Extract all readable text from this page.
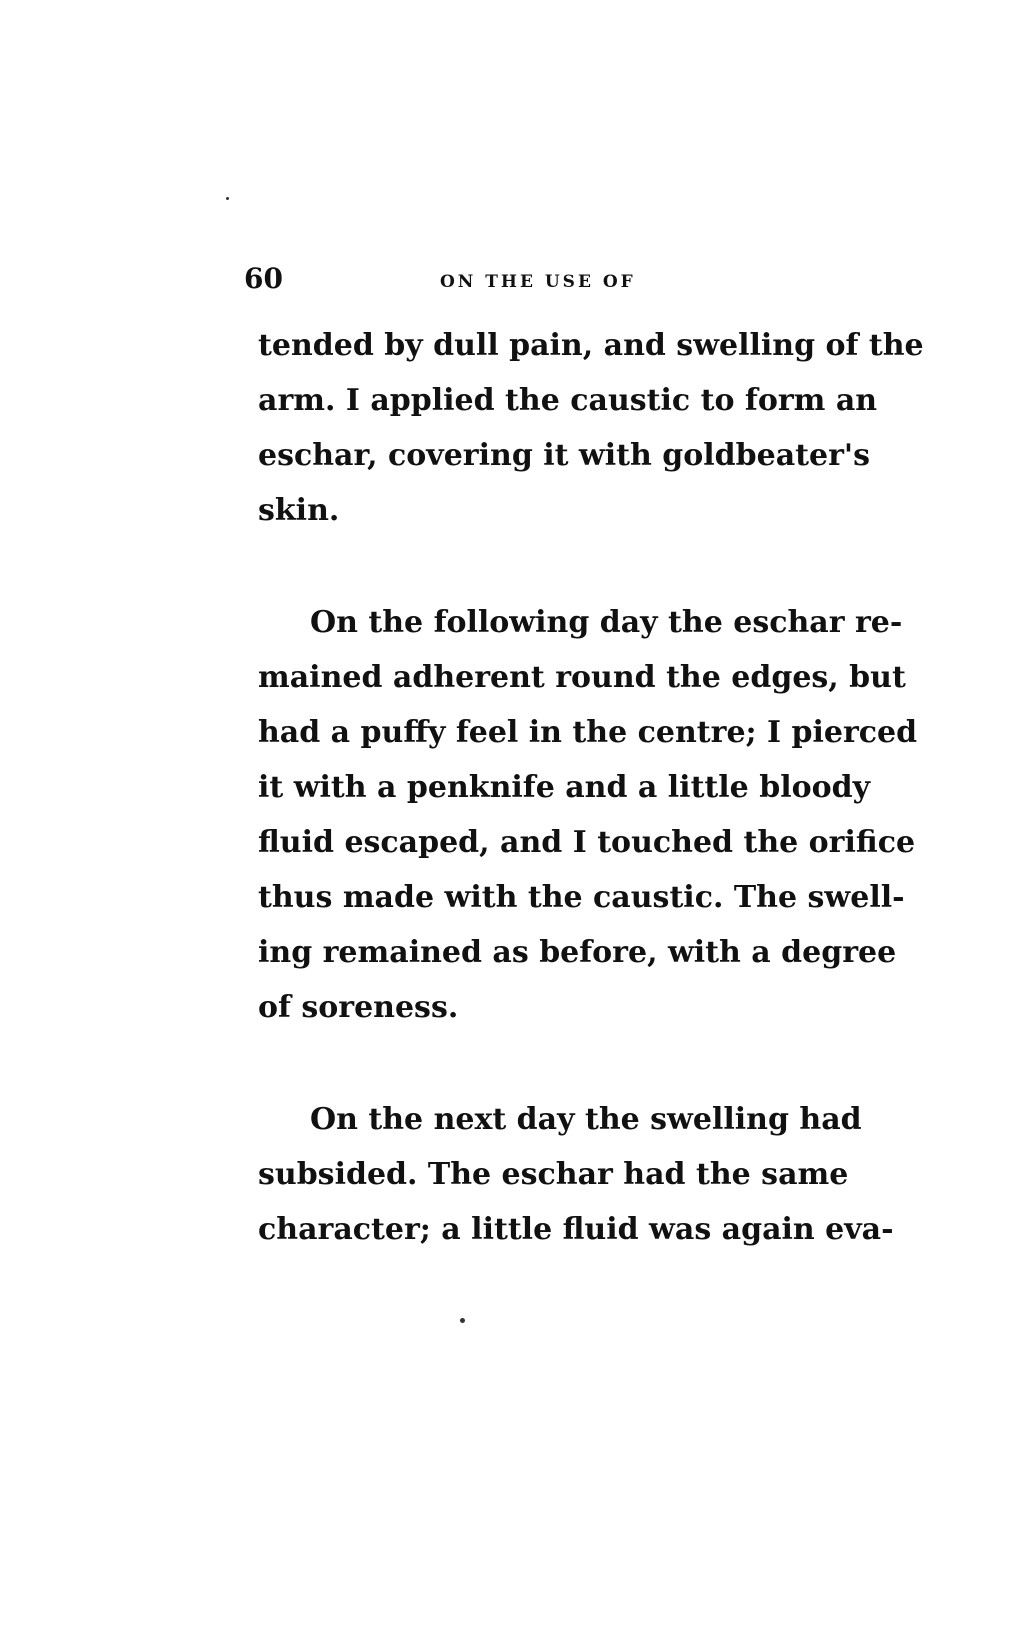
60	ON THE USE OF
tended by dull pain, and swelling of the
arm. I applied the caustic to form an
eschar, covering it with goldbeater's
skin.
On the following day the eschar re-
mained adherent round the edges, but
had a puffy feel in the centre; I pierced
it with a penknife and a little bloody
fluid escaped, and I touched the orifice
thus made with the caustic. The swell-
ing remained as before, with a degree
of soreness.
On the next day the swelling had
subsided. The eschar had the same
character; a little fluid was again eva-
